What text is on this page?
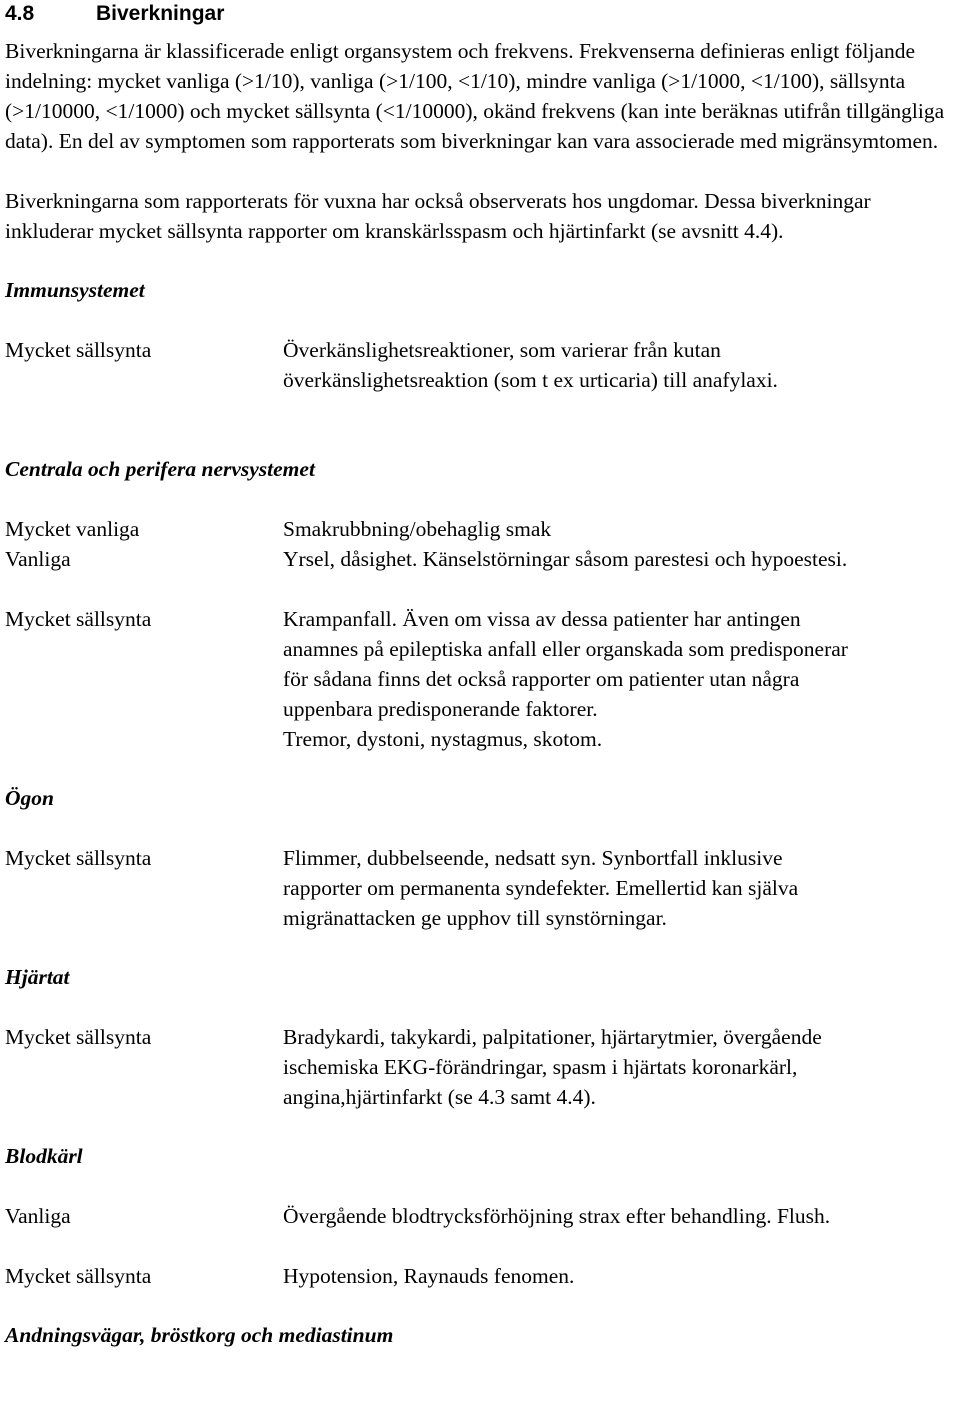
4.8	Biverkningar

Biverkningarna är klassificerade enligt organsystem och frekvens. Frekvenserna definieras enligt följande indelning: mycket vanliga (>1/10), vanliga (>1/100, <1/10), mindre vanliga (>1/1000, <1/100), sällsynta (>1/10000, <1/1000) och mycket sällsynta (<1/10000), okänd frekvens (kan inte beräknas utifrån tillgängliga data). En del av symptomen som rapporterats som biverkningar kan vara associerade med migränsymtomen.

Biverkningarna som rapporterats för vuxna har också observerats hos ungdomar. Dessa biverkningar inkluderar mycket sällsynta rapporter om kranskärlsspasm och hjärtinfarkt (se avsnitt 4.4).

Immunsystemet

Mycket sällsynta	Överkänslighetsreaktioner, som varierar från kutan
överkänslighetsreaktion (som t ex urticaria) till anafylaxi.

Centrala och perifera nervsystemet

Mycket vanliga	Smakrubbning/obehaglig smak
Vanliga	Yrsel, dåsighet. Känselstörningar såsom parestesi och hypoestesi.
Mycket sällsynta	Krampanfall. Även om vissa av dessa patienter har antingen
anamnes på epileptiska anfall eller organskada som predisponerar
för sådana finns det också rapporter om patienter utan några
uppenbara predisponerande faktorer.
Tremor, dystoni, nystagmus, skotom.

Ögon

Mycket sällsynta	Flimmer, dubbelseende, nedsatt syn. Synbortfall inklusive
rapporter om permanenta syndefekter. Emellertid kan själva
migränattacken ge upphov till synstörningar.

Hjärtat

Mycket sällsynta	Bradykardi, takykardi, palpitationer, hjärtarytmier, övergående
ischemiska EKG-förändringar, spasm i hjärtats koronarkärl,
angina,hjärtinfarkt (se 4.3 samt 4.4).

Blodkärl

Vanliga	Övergående blodtrycksförhöjning strax efter behandling. Flush.
Mycket sällsynta	Hypotension, Raynauds fenomen.

Andningsvägar, bröstkorg och mediastinum
